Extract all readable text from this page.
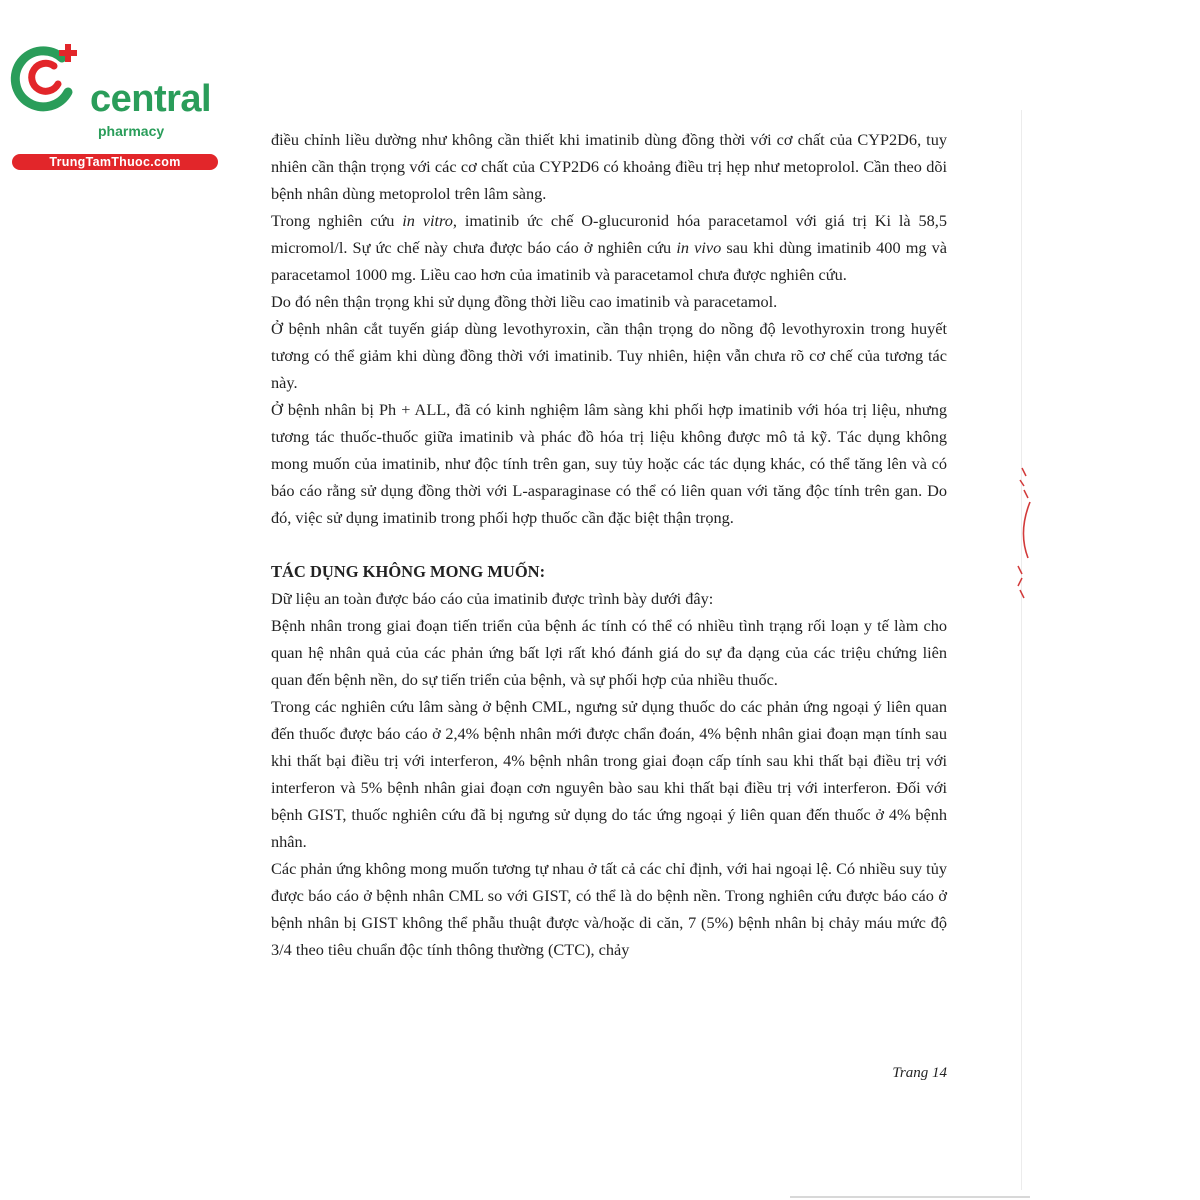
central
pharmacy
TrungTamThuoc.com

điều chỉnh liều dường như không cần thiết khi imatinib dùng đồng thời với cơ chất của CYP2D6, tuy nhiên cần thận trọng với các cơ chất của CYP2D6 có khoảng điều trị hẹp như metoprolol. Cần theo dõi bệnh nhân dùng metoprolol trên lâm sàng.

Trong nghiên cứu in vitro, imatinib ức chế O-glucuronid hóa paracetamol với giá trị Ki là 58,5 micromol/l. Sự ức chế này chưa được báo cáo ở nghiên cứu in vivo sau khi dùng imatinib 400 mg và paracetamol 1000 mg. Liều cao hơn của imatinib và paracetamol chưa được nghiên cứu.

Do đó nên thận trọng khi sử dụng đồng thời liều cao imatinib và paracetamol.

Ở bệnh nhân cắt tuyến giáp dùng levothyroxin, cần thận trọng do nồng độ levothyroxin trong huyết tương có thể giảm khi dùng đồng thời với imatinib. Tuy nhiên, hiện vẫn chưa rõ cơ chế của tương tác này.

Ở bệnh nhân bị Ph + ALL, đã có kinh nghiệm lâm sàng khi phối hợp imatinib với hóa trị liệu, nhưng tương tác thuốc-thuốc giữa imatinib và phác đồ hóa trị liệu không được mô tả kỹ. Tác dụng không mong muốn của imatinib, như độc tính trên gan, suy tủy hoặc các tác dụng khác, có thể tăng lên và có báo cáo rằng sử dụng đồng thời với L-asparaginase có thể có liên quan với tăng độc tính trên gan. Do đó, việc sử dụng imatinib trong phối hợp thuốc cần đặc biệt thận trọng.

TÁC DỤNG KHÔNG MONG MUỐN:

Dữ liệu an toàn được báo cáo của imatinib được trình bày dưới đây:

Bệnh nhân trong giai đoạn tiến triển của bệnh ác tính có thể có nhiều tình trạng rối loạn y tế làm cho quan hệ nhân quả của các phản ứng bất lợi rất khó đánh giá do sự đa dạng của các triệu chứng liên quan đến bệnh nền, do sự tiến triển của bệnh, và sự phối hợp của nhiều thuốc.

Trong các nghiên cứu lâm sàng ở bệnh CML, ngưng sử dụng thuốc do các phản ứng ngoại ý liên quan đến thuốc được báo cáo ở 2,4% bệnh nhân mới được chẩn đoán, 4% bệnh nhân giai đoạn mạn tính sau khi thất bại điều trị với interferon, 4% bệnh nhân trong giai đoạn cấp tính sau khi thất bại điều trị với interferon và 5% bệnh nhân giai đoạn cơn nguyên bào sau khi thất bại điều trị với interferon. Đối với bệnh GIST, thuốc nghiên cứu đã bị ngưng sử dụng do tác ứng ngoại ý liên quan đến thuốc ở 4% bệnh nhân.

Các phản ứng không mong muốn tương tự nhau ở tất cả các chỉ định, với hai ngoại lệ. Có nhiều suy tủy được báo cáo ở bệnh nhân CML so với GIST, có thể là do bệnh nền. Trong nghiên cứu được báo cáo ở bệnh nhân bị GIST không thể phẫu thuật được và/hoặc di căn, 7 (5%) bệnh nhân bị chảy máu mức độ 3/4 theo tiêu chuẩn độc tính thông thường (CTC), chảy

Trang 14
